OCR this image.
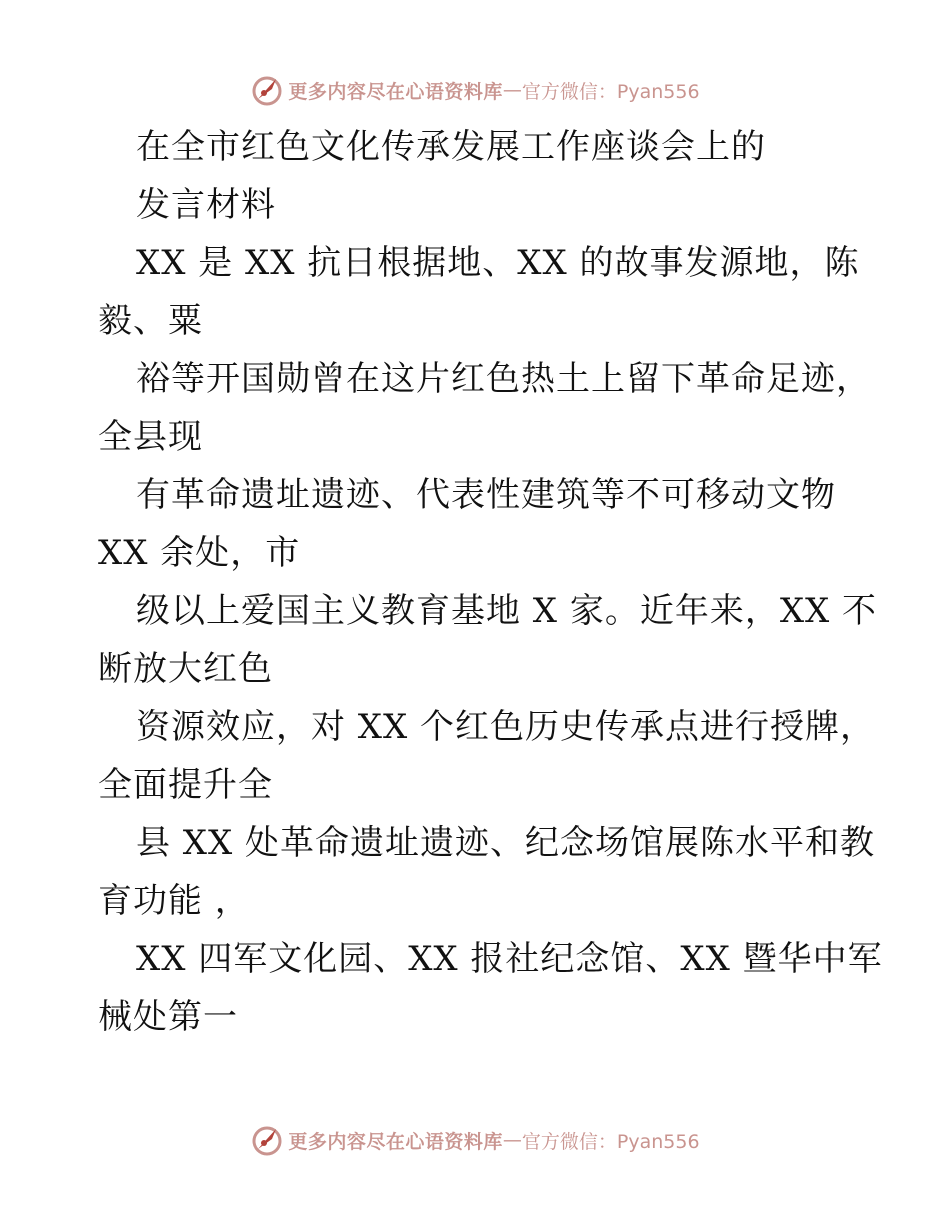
更多内容尽在心语资料库 — 官方微信：Pyan556
在全市红色文化传承发展工作座谈会上的
发言材料
XX 是 XX 抗日根据地、XX 的故事发源地，陈
毅、粟
裕等开国勋曾在这片红色热土上留下革命足迹，
全县现
有革命遗址遗迹、代表性建筑等不可移动文物
XX 余处，市
级以上爱国主义教育基地 X 家。近年来，XX 不
断放大红色
资源效应，对 XX 个红色历史传承点进行授牌，
全面提升全
县 XX 处革命遗址遗迹、纪念场馆展陈水平和教
育功能 ，
XX 四军文化园、XX 报社纪念馆、XX 暨华中军
械处第一
更多内容尽在心语资料库 — 官方微信：Pyan556
